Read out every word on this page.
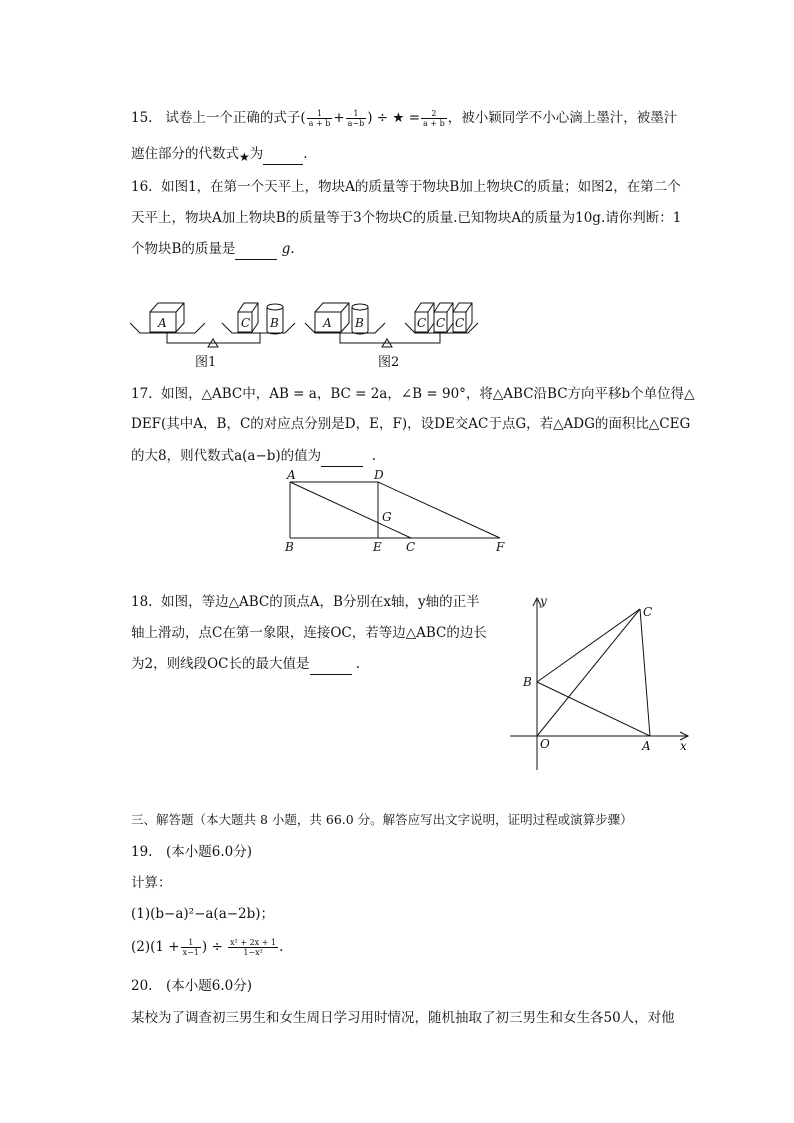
15. 试卷上一个正确的式子( $\frac{1}{a + b} + \frac{1}{a-b}$ ) ÷ ★ = $\frac{2}{a + b}$ ，被小颖同学不小心滴上墨汁，被墨汁
遮住部分的代数式★为	.
16. 如图1，在第一个天平上，物块A的质量等于物块B加上物块C的质量；如图2，在第二个
天平上，物块A加上物块B的质量等于3个物块C的质量.已知物块A的质量为10g.请你判断：1
个物块B的质量是	g.
A	C B	A B	C C C
图1	图2
17. 如图，△ABC中，AB = a，BC = 2a，∠B = 90°，将△ABC沿BC方向平移b个单位得△
DEF(其中A，B，C的对应点分别是D，E，F)，设DE交AC于点G，若△ADG的面积比△CEG
的大8，则代数式a(a−b)的值为	.
A	D
G
B	E C	F
18. 如图，等边△ABC的顶点A，B分别在x轴，y轴的正半
轴上滑动，点C在第一象限，连接OC，若等边△ABC的边长
为2，则线段OC长的最大值是	.
y
x
O	A
B
C
三、解答题（本大题共 8 小题，共 66.0 分。解答应写出文字说明，证明过程或演算步骤）
19.　(本小题6.0分)
计算：
(1)(b−a)²−a(a−2b)；
$(2)(1 + \frac{1}{x-1}$ ) ÷ $\frac{\text{x² + 2x + 1}}{\text{1−x²}}$ .
20.　(本小题6.0分)
某校为了调查初三男生和女生周日学习用时情况，随机抽取了初三男生和女生各50人，对他
